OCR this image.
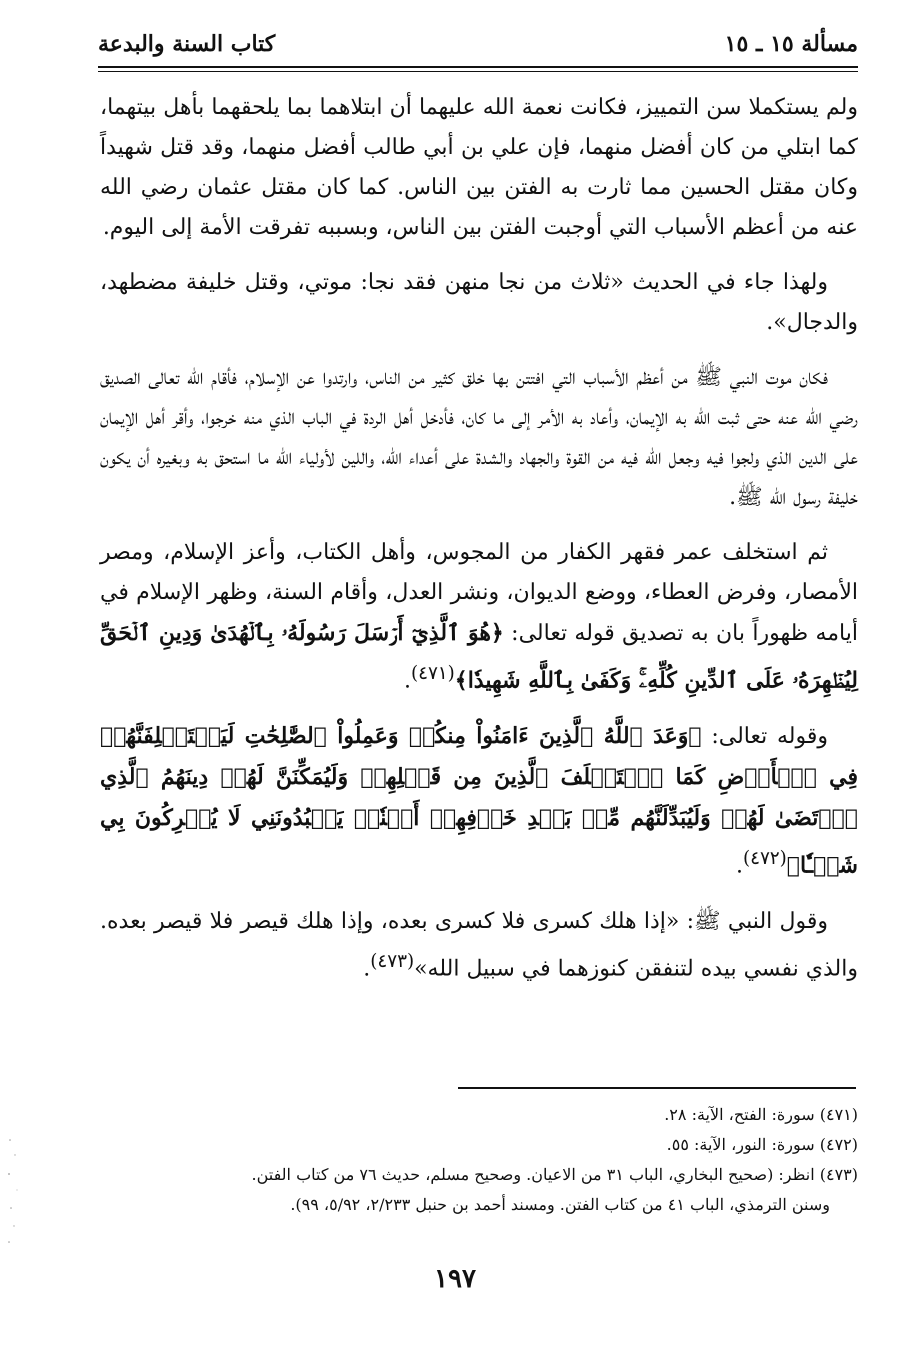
مسألة ١٥ ـ ١٥
كتاب السنة والبدعة

ولم يستكملا سن التمييز، فكانت نعمة الله عليهما أن ابتلاهما بما يلحقهما بأهل بيتهما، كما ابتلي من كان أفضل منهما، فإن علي بن أبي طالب أفضل منهما، وقد قتل شهيداً وكان مقتل الحسين مما ثارت به الفتن بين الناس. كما كان مقتل عثمان رضي الله عنه من أعظم الأسباب التي أوجبت الفتن بين الناس، وبسببه تفرقت الأمة إلى اليوم.

ولهذا جاء في الحديث «ثلاث من نجا منهن فقد نجا: موتي، وقتل خليفة مضطهد، والدجال».

فكان موت النبي ﷺ من أعظم الأسباب التي افتتن بها خلق كثير من الناس، وارتدوا عن الإسلام، فأقام الله تعالى الصديق رضي الله عنه حتى ثبت الله به الإيمان، وأعاد به الأمر إلى ما كان، فأدخل أهل الردة في الباب الذي منه خرجوا، وأقر أهل الإيمان على الدين الذي ولجوا فيه وجعل الله فيه من القوة والجهاد والشدة على أعداء الله، واللين لأولياء الله ما استحق به وبغيره أن يكون خليفة رسول الله ﷺ.

ثم استخلف عمر فقهر الكفار من المجوس، وأهل الكتاب، وأعز الإسلام، ومصر الأمصار، وفرض العطاء، ووضع الديوان، ونشر العدل، وأقام السنة، وظهر الإسلام في أيامه ظهوراً بان به تصديق قوله تعالى: ﴿هُوَ ٱلَّذِيٓ أَرۡسَلَ رَسُولَهُۥ بِٱلۡهُدَىٰ وَدِينِ ٱلۡحَقِّ لِيُظۡهِرَهُۥ عَلَى ٱلدِّينِ كُلِّهِۦۚ وَكَفَىٰ بِٱللَّهِ شَهِيدٗا﴾$^{(٤٧١)}$.

وقوله تعالى: ﴿وَعَدَ ٱللَّهُ ٱلَّذِينَ ءَامَنُواْ مِنكُمۡ وَعَمِلُواْ ٱلصَّٰلِحَٰتِ لَيَسۡتَخۡلِفَنَّهُمۡ فِي ٱلۡأَرۡضِ كَمَا ٱسۡتَخۡلَفَ ٱلَّذِينَ مِن قَبۡلِهِمۡ وَلَيُمَكِّنَنَّ لَهُمۡ دِينَهُمُ ٱلَّذِي ٱرۡتَضَىٰ لَهُمۡ وَلَيُبَدِّلَنَّهُم مِّنۢ بَعۡدِ خَوۡفِهِمۡ أَمۡنٗاۚ يَعۡبُدُونَنِي لَا يُشۡرِكُونَ بِي شَيۡـٔٗا﴾$^{(٤٧٢)}$.

وقول النبي ﷺ: «إذا هلك كسرى فلا كسرى بعده، وإذا هلك قيصر فلا قيصر بعده. والذي نفسي بيده لتنفقن كنوزهما في سبيل الله»$^{(٤٧٣)}$.

(٤٧١) سورة: الفتح، الآية: ٢٨.

(٤٧٢) سورة: النور، الآية: ٥٥.

(٤٧٣) انظر: (صحيح البخاري، الباب ٣١ من الاعيان. وصحيح مسلم، حديث ٧٦ من كتاب الفتن.

وسنن الترمذي، الباب ٤١ من كتاب الفتن. ومسند أحمد بن حنبل ٢/٢٣٣، ٥/٩٢، ٩٩).

١٩٧
